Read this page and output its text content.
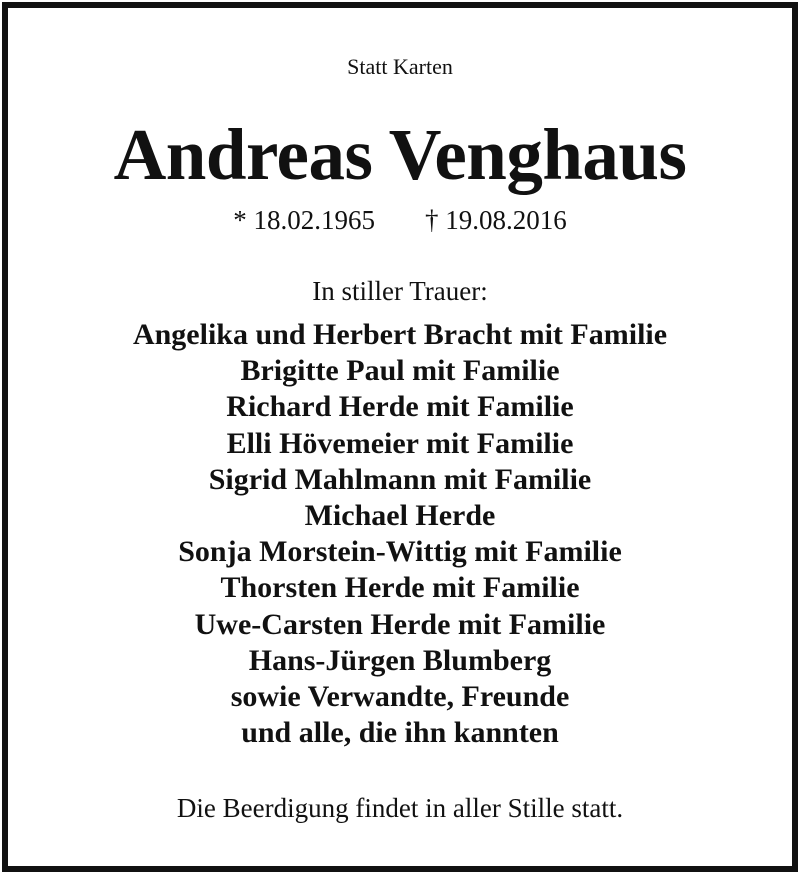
Statt Karten
Andreas Venghaus
* 18.02.1965 † 19.08.2016
In stiller Trauer:
Angelika und Herbert Bracht mit Familie
Brigitte Paul mit Familie
Richard Herde mit Familie
Elli Hövemeier mit Familie
Sigrid Mahlmann mit Familie
Michael Herde
Sonja Morstein-Wittig mit Familie
Thorsten Herde mit Familie
Uwe-Carsten Herde mit Familie
Hans-Jürgen Blumberg
sowie Verwandte, Freunde
und alle, die ihn kannten
Die Beerdigung findet in aller Stille statt.
